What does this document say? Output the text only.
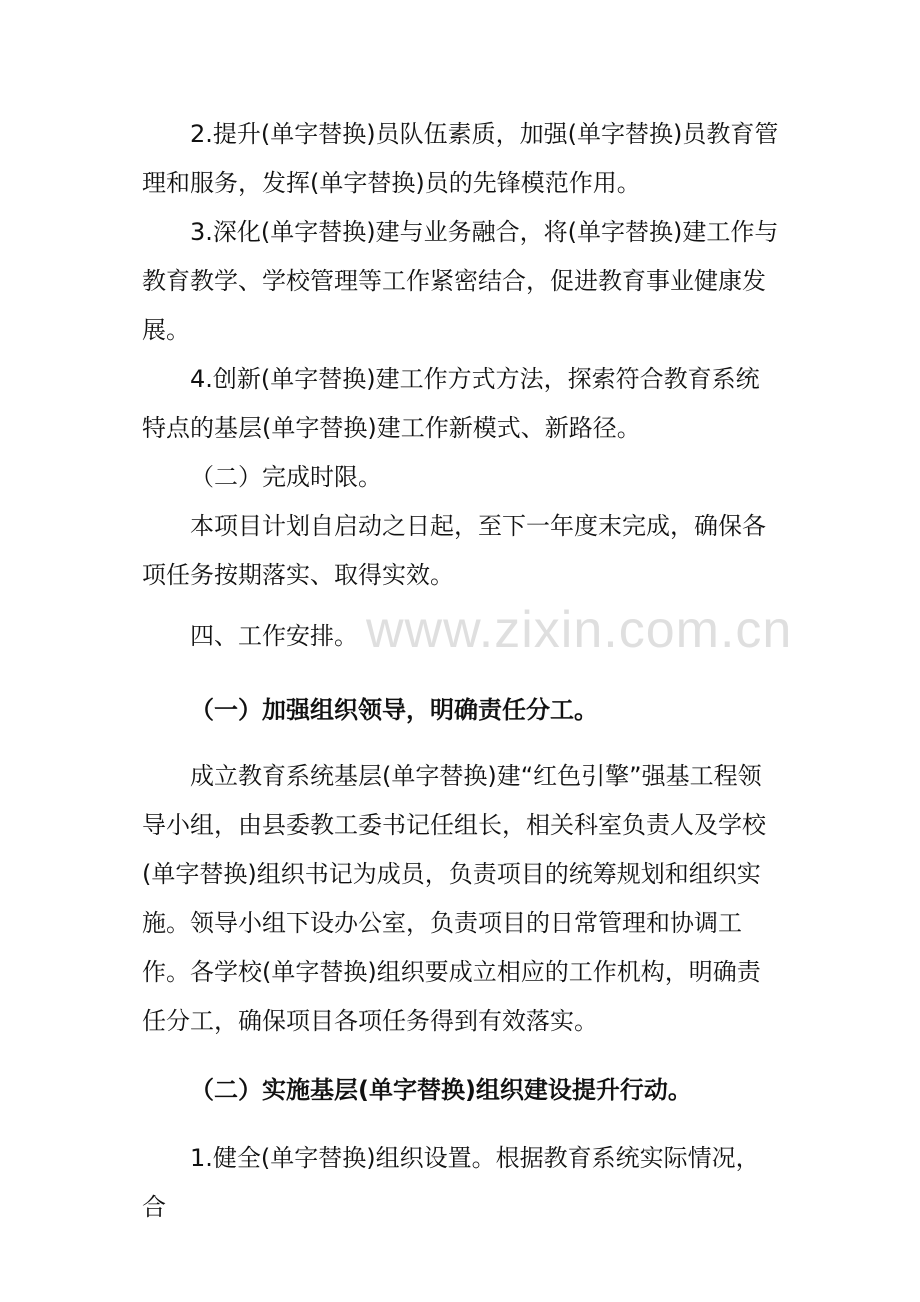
2.提升(单字替换)员队伍素质，加强(单字替换)员教育管理和服务，发挥(单字替换)员的先锋模范作用。

3.深化(单字替换)建与业务融合，将(单字替换)建工作与教育教学、学校管理等工作紧密结合，促进教育事业健康发展。

4.创新(单字替换)建工作方式方法，探索符合教育系统特点的基层(单字替换)建工作新模式、新路径。

（二）完成时限。

本项目计划自启动之日起，至下一年度末完成，确保各项任务按期落实、取得实效。

四、工作安排。

（一）加强组织领导，明确责任分工。

成立教育系统基层(单字替换)建“红色引擎”强基工程领导小组，由县委教工委书记任组长，相关科室负责人及学校(单字替换)组织书记为成员，负责项目的统筹规划和组织实施。领导小组下设办公室，负责项目的日常管理和协调工作。各学校(单字替换)组织要成立相应的工作机构，明确责任分工，确保项目各项任务得到有效落实。

（二）实施基层(单字替换)组织建设提升行动。

1.健全(单字替换)组织设置。根据教育系统实际情况，合

www.zixin.com.cn
